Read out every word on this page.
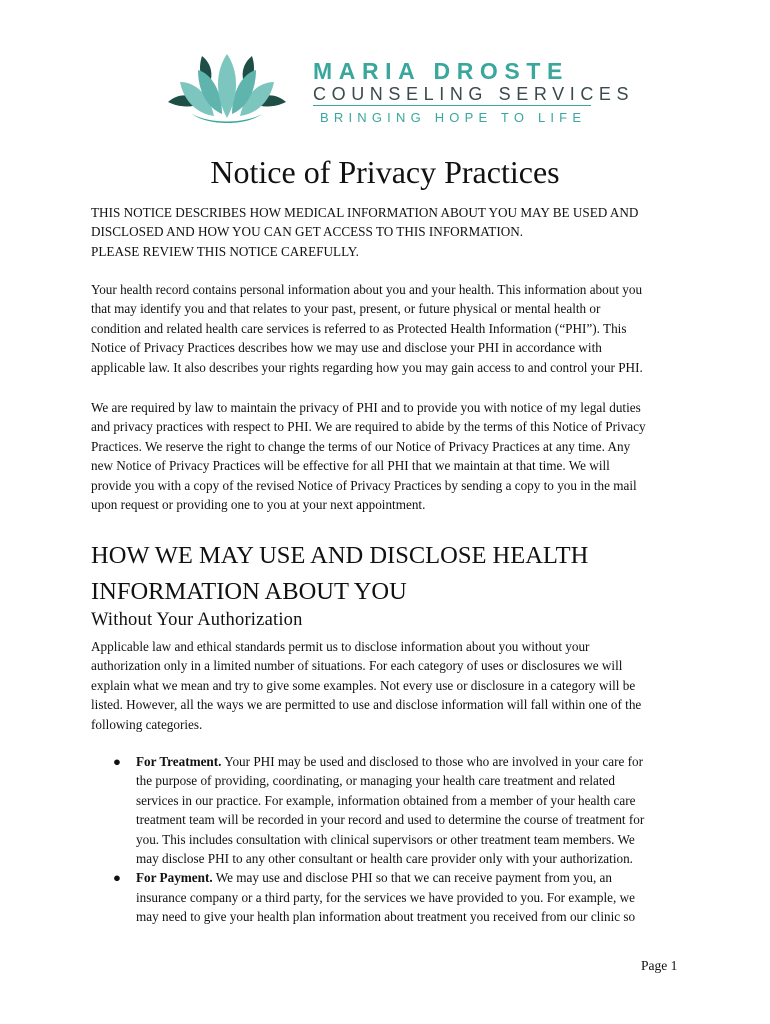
MARIA DROSTE
COUNSELING SERVICES
BRINGING HOPE TO LIFE
Notice of Privacy Practices

THIS NOTICE DESCRIBES HOW MEDICAL INFORMATION ABOUT YOU MAY BE USED AND

DISCLOSED AND HOW YOU CAN GET ACCESS TO THIS INFORMATION.

PLEASE REVIEW THIS NOTICE CAREFULLY.

Your health record contains personal information about you and your health. This information about you

that may identify you and that relates to your past, present, or future physical or mental health or

condition and related health care services is referred to as Protected Health Information (“PHI”). This

Notice of Privacy Practices describes how we may use and disclose your PHI in accordance with

applicable law. It also describes your rights regarding how you may gain access to and control your PHI.

We are required by law to maintain the privacy of PHI and to provide you with notice of my legal duties

and privacy practices with respect to PHI. We are required to abide by the terms of this Notice of Privacy

Practices. We reserve the right to change the terms of our Notice of Privacy Practices at any time. Any

new Notice of Privacy Practices will be effective for all PHI that we maintain at that time. We will

provide you with a copy of the revised Notice of Privacy Practices by sending a copy to you in the mail

upon request or providing one to you at your next appointment.

HOW WE MAY USE AND DISCLOSE HEALTH
INFORMATION ABOUT YOU
Without Your Authorization

Applicable law and ethical standards permit us to disclose information about you without your

authorization only in a limited number of situations. For each category of uses or disclosures we will

explain what we mean and try to give some examples. Not every use or disclosure in a category will be

listed. However, all the ways we are permitted to use and disclose information will fall within one of the

following categories.

● For Treatment. Your PHI may be used and disclosed to those who are involved in your care for
the purpose of providing, coordinating, or managing your health care treatment and related
services in our practice. For example, information obtained from a member of your health care
treatment team will be recorded in your record and used to determine the course of treatment for
you. This includes consultation with clinical supervisors or other treatment team members. We
may disclose PHI to any other consultant or health care provider only with your authorization.
● For Payment. We may use and disclose PHI so that we can receive payment from you, an
insurance company or a third party, for the services we have provided to you. For example, we
may need to give your health plan information about treatment you received from our clinic so
Page 1
